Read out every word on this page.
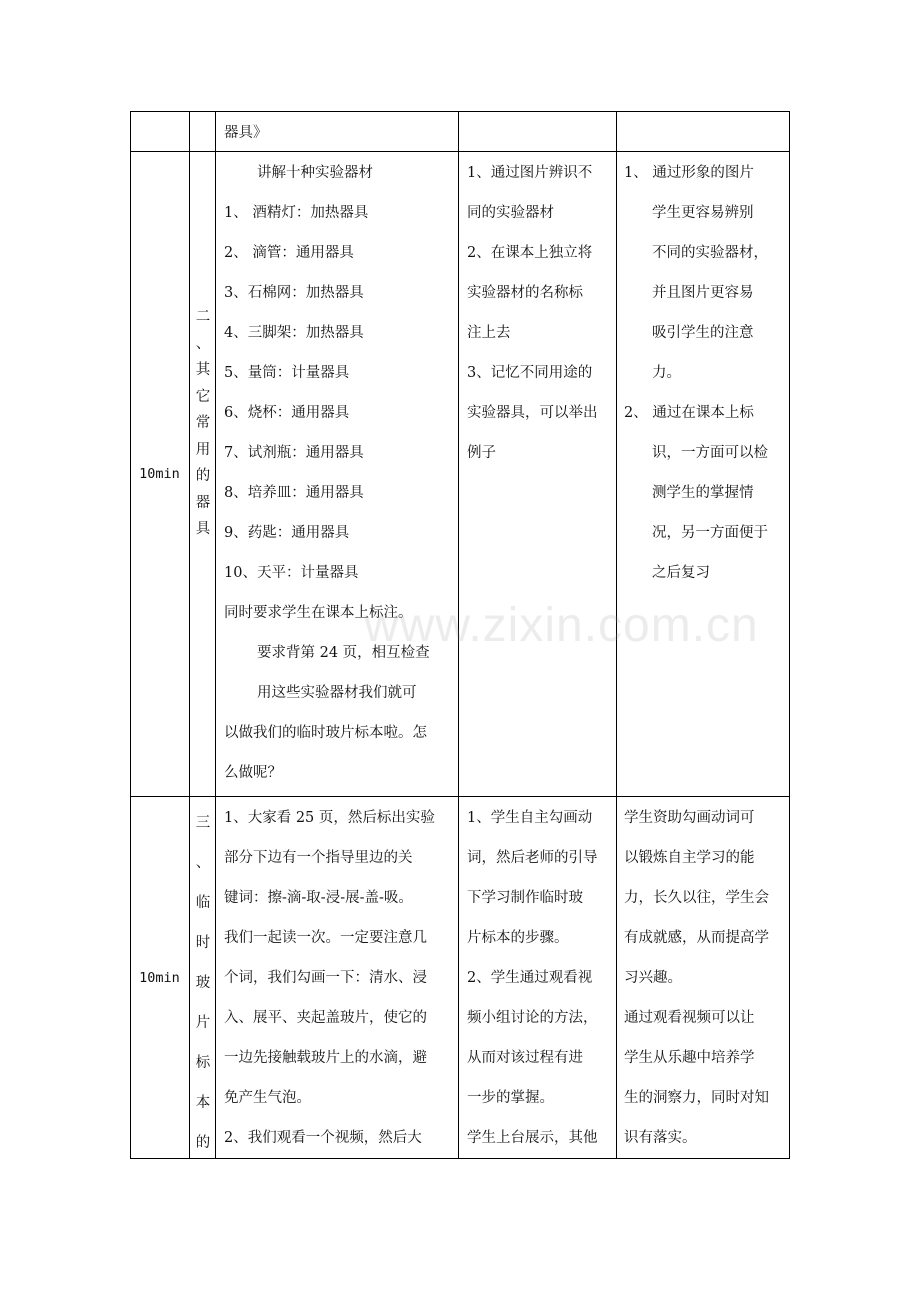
器具》
10min
二
、
其
它
常
用
的
器
具
讲解十种实验器材
1、 酒精灯：加热器具
2、 滴管：通用器具
3、石棉网：加热器具
4、三脚架：加热器具
5、量筒：计量器具
6、烧杯：通用器具
7、试剂瓶：通用器具
8、培养皿：通用器具
9、药匙：通用器具
10、天平：计量器具
同时要求学生在课本上标注。
要求背第 24 页，相互检查
用这些实验器材我们就可
以做我们的临时玻片标本啦。怎
么做呢？
1、通过图片辨识不
同的实验器材
2、在课本上独立将
实验器材的名称标
注上去
3、记忆不同用途的
实验器具，可以举出
例子
1、 通过形象的图片
学生更容易辨别
不同的实验器材，
并且图片更容易
吸引学生的注意
力。
2、 通过在课本上标
识，一方面可以检
测学生的掌握情
况，另一方面便于
之后复习
10min
三
、
临
时
玻
片
标
本
的
1、大家看 25 页，然后标出实验
部分下边有一个指导里边的关
键词：擦-滴-取-浸-展-盖-吸。
我们一起读一次。一定要注意几
个词，我们勾画一下：清水、浸
入、展平、夹起盖玻片，使它的
一边先接触载玻片上的水滴，避
免产生气泡。
2、我们观看一个视频，然后大
1、学生自主勾画动
词，然后老师的引导
下学习制作临时玻
片标本的步骤。
2、学生通过观看视
频小组讨论的方法，
从而对该过程有进
一步的掌握。
学生上台展示，其他
学生资助勾画动词可
以锻炼自主学习的能
力，长久以往，学生会
有成就感，从而提高学
习兴趣。
通过观看视频可以让
学生从乐趣中培养学
生的洞察力，同时对知
识有落实。
www.zixin.com.cn
